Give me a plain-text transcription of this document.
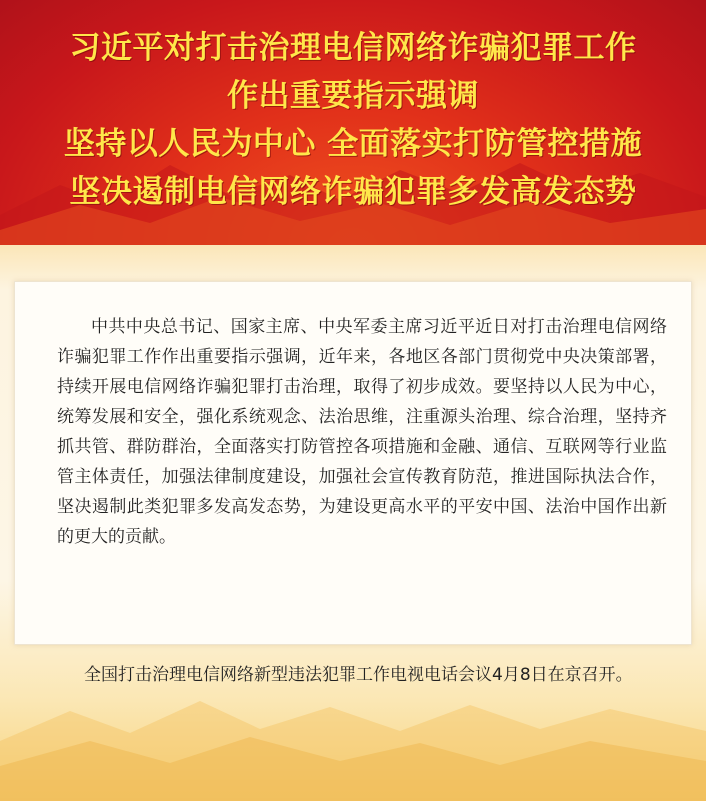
习近平对打击治理电信网络诈骗犯罪工作
作出重要指示强调
坚持以人民为中心 全面落实打防管控措施
坚决遏制电信网络诈骗犯罪多发高发态势

中共中央总书记、国家主席、中央军委主席习近平近日对打击治理电信网络诈骗犯罪工作作出重要指示强调，近年来，各地区各部门贯彻党中央决策部署，持续开展电信网络诈骗犯罪打击治理，取得了初步成效。要坚持以人民为中心，统筹发展和安全，强化系统观念、法治思维，注重源头治理、综合治理，坚持齐抓共管、群防群治，全面落实打防管控各项措施和金融、通信、互联网等行业监管主体责任，加强法律制度建设，加强社会宣传教育防范，推进国际执法合作，坚决遏制此类犯罪多发高发态势，为建设更高水平的平安中国、法治中国作出新的更大的贡献。

全国打击治理电信网络新型违法犯罪工作电视电话会议4月8日在京召开。
